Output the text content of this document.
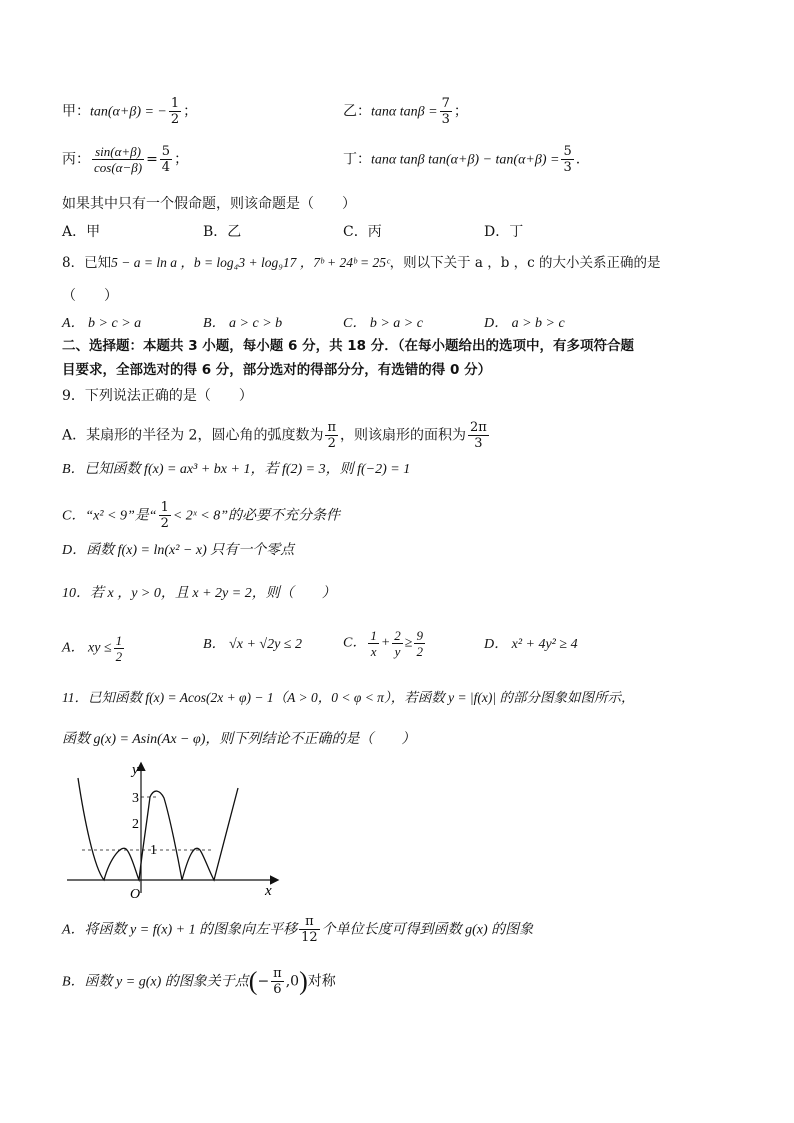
甲：tan(α+β) = − $\frac{1}{2}$ ；	乙：tanα $\tan\beta = \frac{7}{3}$ ；
丙： $\frac{\sin(\alpha+\beta)}{\cos(\alpha-\beta)} = \frac{5}{4}$ ；	丁：tanα tanβ $\tan(\alpha+\beta) - \tan(\alpha+\beta) = \frac{5}{3}$ .
如果其中只有一个假命题，则该命题是（　　）
A．甲	B．乙	C．丙	D．丁
8．已知5 − a = ln a ，b = log₄3 + log₉17 ，7ᵇ + 24ᵇ = 25ᶜ，则以下关于 a ，b ，c 的大小关系正确的是
（　　）
A． b > c > a	B． a > c > b	C． b > a > c	D． a > b > c
二、选择题：本题共 3 小题，每小题 6 分，共 18 分．（在每小题给出的选项中，有多项符合题
目要求，全部选对的得 6 分，部分选对的得部分分，有选错的得 0 分）
9．下列说法正确的是（　　）
A．某扇形的半径为 2，圆心角的弧度数为 $\frac{\pi}{2}$ ，则该扇形的面积为 $\frac{2\pi}{3}$
B．已知函数 f(x) = ax³ + bx + 1，若 f(2) = 3，则 f(−2) = 1
C．“x² < 9”是“ $\frac{1}{2}$ < 2ˣ < 8”的必要不充分条件
D．函数 f(x) = ln(x² − x) 只有一个零点
10．若 x ，y > 0，且 x + 2y = 2，则（　　）
A． xy ≤ $\frac{1}{2}$	B． √x + √2y ≤ 2	C． $\frac{1}{x} + \frac{2}{y} \ge \frac{9}{2}$	D． x² + 4y² ≥ 4
11．已知函数 f(x) = Acos(2x + φ) − 1（A > 0，0 < φ < π），若函数 y = |f(x)| 的部分图象如图所示，
函数 g(x) = Asin(Ax − φ)，则下列结论不正确的是（　　）
x
y
O
1
2
3
A．将函数 y = f(x) + 1 的图象向左平移 $\frac{\pi}{12}$ 个单位长度可得到函数 g(x) 的图象
B．函数 y = g(x) 的图象关于点(− $\frac{\pi}{6} ,0$)对称
